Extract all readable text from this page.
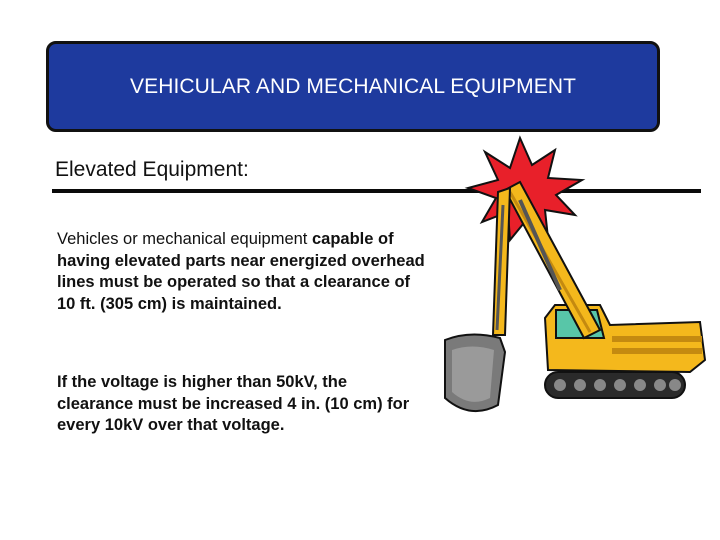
VEHICULAR AND MECHANICAL EQUIPMENT
Elevated Equipment:
Vehicles or mechanical equipment capable of having elevated parts near energized overhead lines must be operated so that a clearance of 10 ft. (305 cm) is maintained.
If the voltage is higher than 50kV, the clearance must be increased 4 in. (10 cm) for every 10kV over that voltage.
